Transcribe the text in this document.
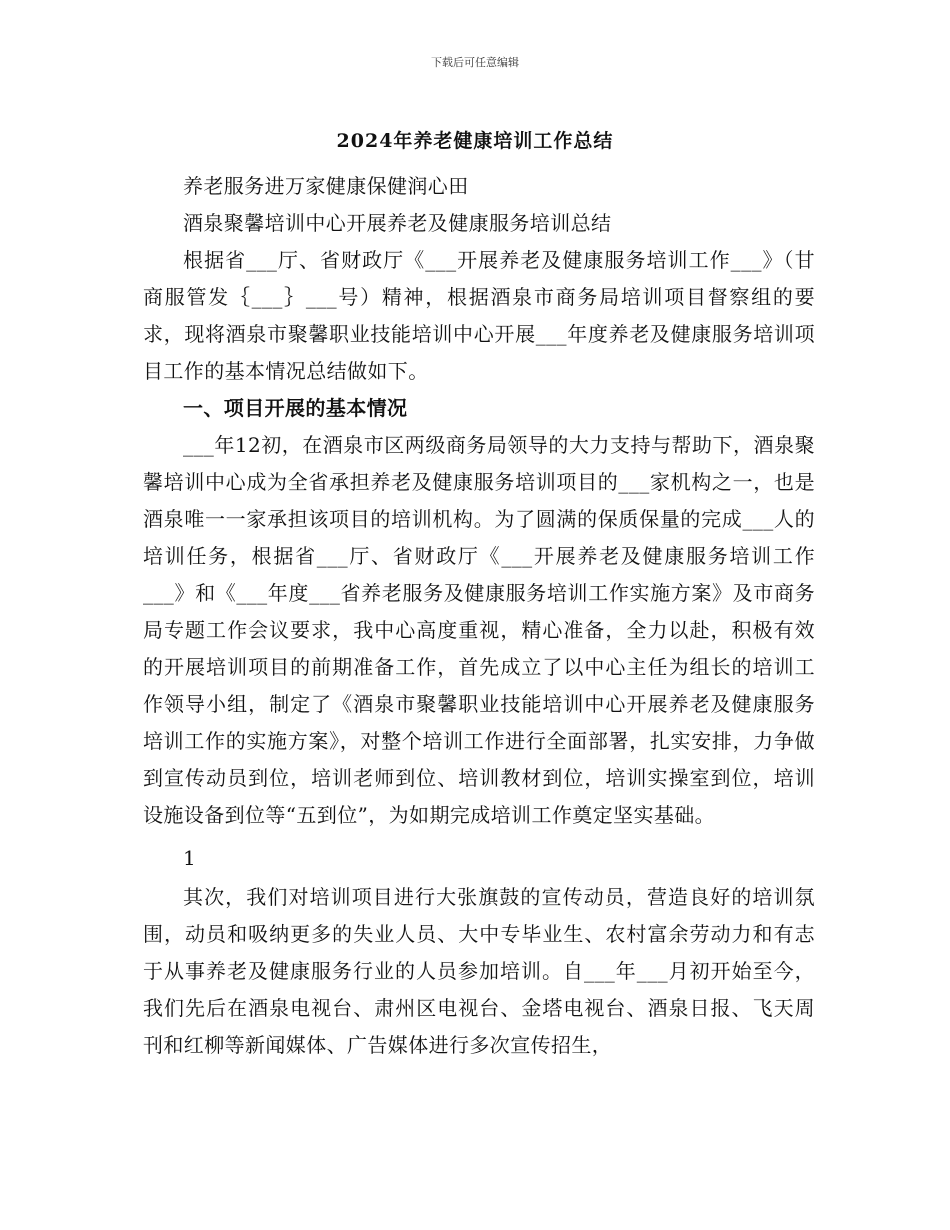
下载后可任意编辑
2024年养老健康培训工作总结

养老服务进万家健康保健润心田

酒泉聚馨培训中心开展养老及健康服务培训总结

根据省___厅、省财政厅《___开展养老及健康服务培训工作___》（甘商服管发｛___｝___号）精神，根据酒泉市商务局培训项目督察组的要求，现将酒泉市聚馨职业技能培训中心开展___年度养老及健康服务培训项目工作的基本情况总结做如下。

一、项目开展的基本情况

___年12初，在酒泉市区两级商务局领导的大力支持与帮助下，酒泉聚馨培训中心成为全省承担养老及健康服务培训项目的___家机构之一，也是酒泉唯一一家承担该项目的培训机构。为了圆满的保质保量的完成___人的培训任务，根据省___厅、省财政厅《___开展养老及健康服务培训工作___》和《___年度___省养老服务及健康服务培训工作实施方案》及市商务局专题工作会议要求，我中心高度重视，精心准备，全力以赴，积极有效的开展培训项目的前期准备工作，首先成立了以中心主任为组长的培训工作领导小组，制定了《酒泉市聚馨职业技能培训中心开展养老及健康服务培训工作的实施方案》，对整个培训工作进行全面部署，扎实安排，力争做到宣传动员到位，培训老师到位、培训教材到位，培训实操室到位，培训设施设备到位等“五到位”，为如期完成培训工作奠定坚实基础。

1

其次，我们对培训项目进行大张旗鼓的宣传动员，营造良好的培训氛围，动员和吸纳更多的失业人员、大中专毕业生、农村富余劳动力和有志于从事养老及健康服务行业的人员参加培训。自___年___月初开始至今，我们先后在酒泉电视台、肃州区电视台、金塔电视台、酒泉日报、飞天周刊和红柳等新闻媒体、广告媒体进行多次宣传招生，
